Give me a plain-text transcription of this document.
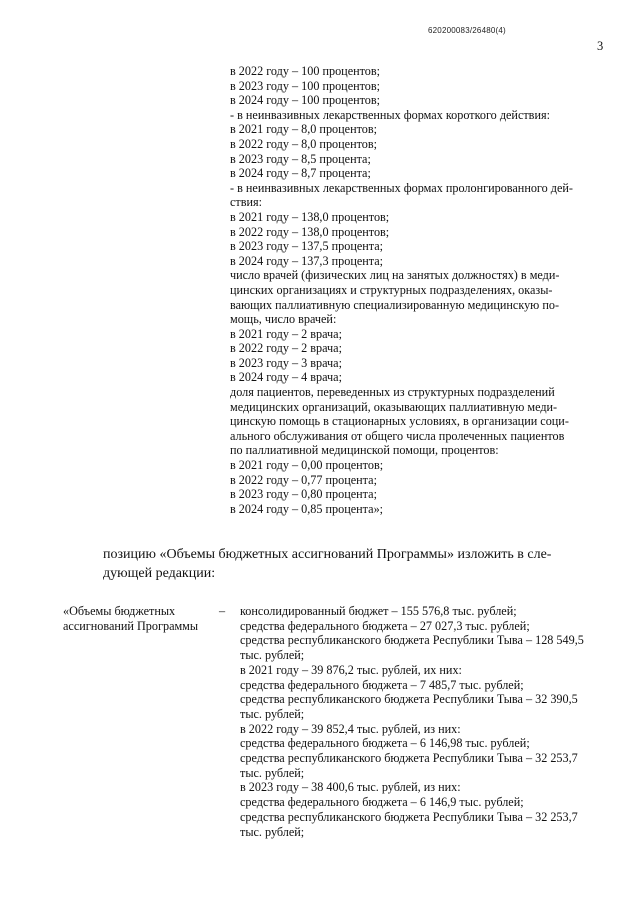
620200083/26480(4)
3
в 2022 году – 100 процентов;
в 2023 году – 100 процентов;
в 2024 году – 100 процентов;
- в неинвазивных лекарственных формах короткого действия:
в 2021 году – 8,0 процентов;
в 2022 году – 8,0 процентов;
в 2023 году – 8,5 процента;
в 2024 году – 8,7 процента;
- в неинвазивных лекарственных формах пролонгированного дей-
ствия:
в 2021 году – 138,0 процентов;
в 2022 году – 138,0 процентов;
в 2023 году – 137,5 процента;
в 2024 году – 137,3 процента;
число врачей (физических лиц на занятых должностях) в меди-
цинских организациях и структурных подразделениях, оказы-
вающих паллиативную специализированную медицинскую по-
мощь, число врачей:
в 2021 году – 2 врача;
в 2022 году – 2 врача;
в 2023 году – 3 врача;
в 2024 году – 4 врача;
доля пациентов, переведенных из структурных подразделений
медицинских организаций, оказывающих паллиативную меди-
цинскую помощь в стационарных условиях, в организации соци-
ального обслуживания от общего числа пролеченных пациентов
по паллиативной медицинской помощи, процентов:
в 2021 году – 0,00 процентов;
в 2022 году – 0,77 процента;
в 2023 году – 0,80 процента;
в 2024 году – 0,85 процента»;
позицию «Объемы бюджетных ассигнований Программы» изложить в сле-
дующей редакции:
«Объемы бюджетных
ассигнований Программы
– консолидированный бюджет – 155 576,8 тыс. рублей;
средства федерального бюджета – 27 027,3 тыс. рублей;
средства республиканского бюджета Республики Тыва – 128 549,5
тыс. рублей;
в 2021 году – 39 876,2 тыс. рублей, их них:
средства федерального бюджета – 7 485,7 тыс. рублей;
средства республиканского бюджета Республики Тыва – 32 390,5
тыс. рублей;
в 2022 году – 39 852,4 тыс. рублей, из них:
средства федерального бюджета – 6 146,98 тыс. рублей;
средства республиканского бюджета Республики Тыва – 32 253,7
тыс. рублей;
в 2023 году – 38 400,6 тыс. рублей, из них:
средства федерального бюджета – 6 146,9 тыс. рублей;
средства республиканского бюджета Республики Тыва – 32 253,7
тыс. рублей;
